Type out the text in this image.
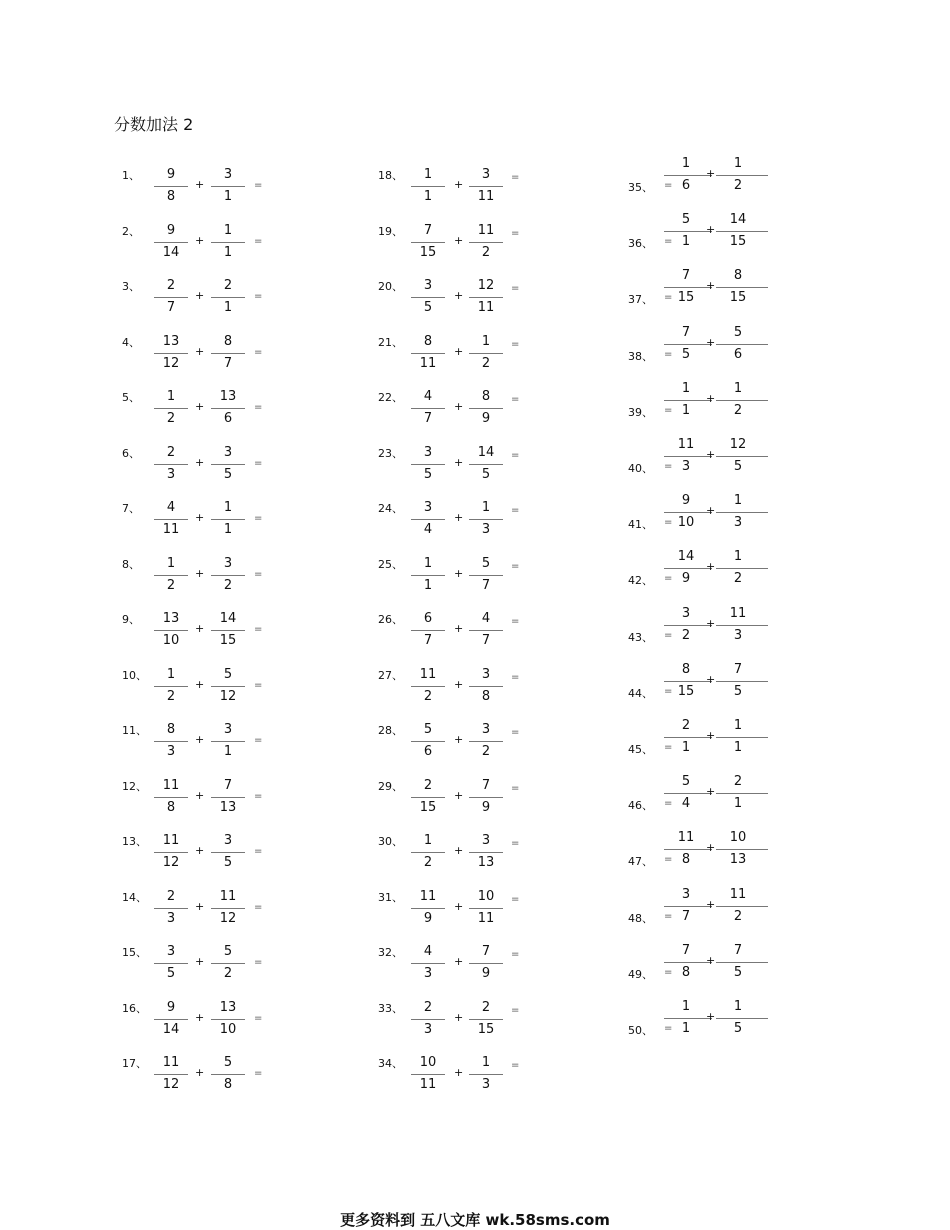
分数加法 2
1、	9
8
+
3
1
=
2、	9
14
+
1
1
=
3、	2
7
+
2
1
=
4、	13
12
+
8
7
=
5、	1
2
+
13
6
=
6、	2
3
+
3
5
=
7、	4
11
+
1
1
=
8、	1
2
+
3
2
=
9、	13
10
+
14
15
=
10、	1
2
+
5
12
=
11、	8
3
+
3
1
=
12、	11
8
+
7
13
=
13、	11
12
+
3
5
=
14、	2
3
+
11
12
=
15、	3
5
+
5
2
=
16、	9
14
+
13
10
=
17、	11
12
+
5
8
=
18、	1
1
+
3
11
=
19、	7
15
+
11
2
=
20、	3
5
+
12
11
=
21、	8
11
+
1
2
=
22、	4
7
+
8
9
=
23、	3
5
+
14
5
=
24、	3
4
+
1
3
=
25、	1
1
+
5
7
=
26、	6
7
+
4
7
=
27、	11
2
+
3
8
=
28、	5
6
+
3
2
=
29、	2
15
+
7
9
=
30、	1
2
+
3
13
=
31、	11
9
+
10
11
=
32、	4
3
+
7
9
=
33、	2
3
+
2
15
=
34、	10
11
+
1
3
=
35、
1
6
=
+
1
2
36、
5
1
=
+
14
15
37、
7
15
=
+
8
15
38、
7
5
=
+
5
6
39、
1
1
=
+
1
2
40、
11
3
=
+
12
5
41、
9
10
=
+
1
3
42、
14
9
=
+
1
2
43、
3
2
=
+
11
3
44、
8
15
=
+
7
5
45、
2
1
=
+
1
1
46、
5
4
=
+
2
1
47、
11
8
=
+
10
13
48、
3
7
=
+
11
2
49、
7
8
=
+
7
5
50、
1
1
=
+
1
5
更多资料到 五八文库 wk.58sms.com
